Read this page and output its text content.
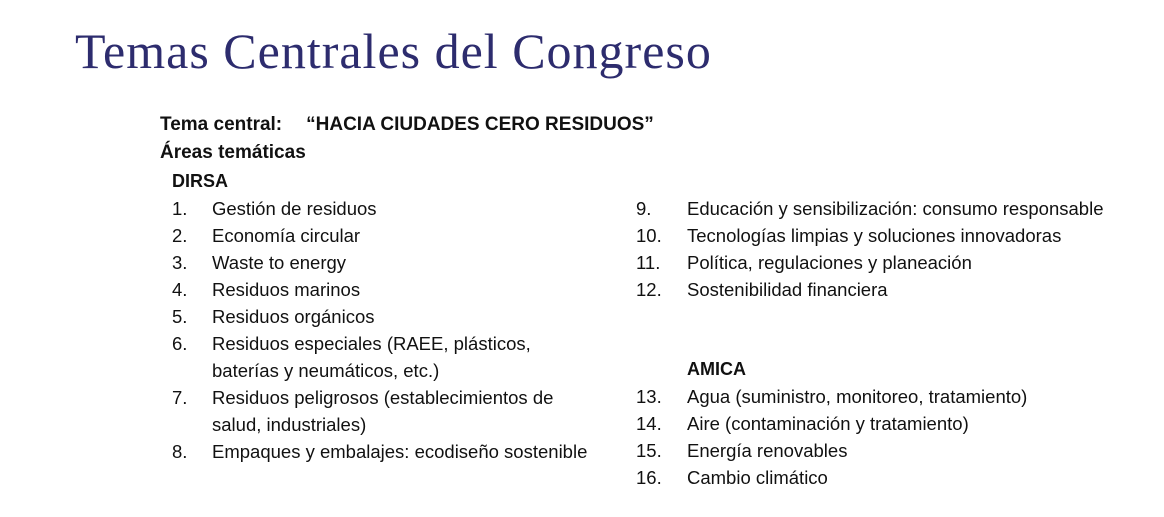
Temas Centrales del Congreso
Tema central: “HACIA CIUDADES CERO RESIDUOS”
Áreas temáticas
DIRSA
1. Gestión de residuos
2. Economía circular
3. Waste to energy
4. Residuos marinos
5. Residuos orgánicos
6. Residuos especiales (RAEE, plásticos, baterías y neumáticos, etc.)
7. Residuos peligrosos (establecimientos de salud, industriales)
8. Empaques y embalajes: ecodiseño sostenible
9. Educación y sensibilización: consumo responsable
10. Tecnologías limpias y soluciones innovadoras
11. Política, regulaciones y planeación
12. Sostenibilidad financiera
AMICA
13. Agua (suministro, monitoreo, tratamiento)
14. Aire (contaminación y tratamiento)
15. Energía renovables
16. Cambio climático
